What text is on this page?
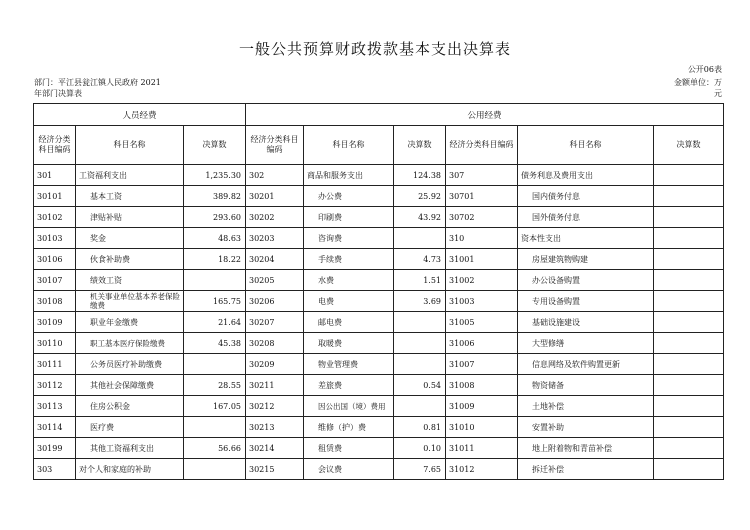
一般公共预算财政拨款基本支出决算表
公开06表
部门：平江县瓮江镇人民政府 2021
年部门决算表
金额单位：万
元
人员经费			公用经费					
经济分类科目编码	科目名称	决算数	经济分类科目编码	科目名称	决算数	经济分类科目编码	科目名称	决算数
301	工资福利支出	1,235.30	302	商品和服务支出	124.38	307	债务利息及费用支出	
30101	基本工资	389.82	30201	办公费	25.92	30701	国内债务付息	
30102	津贴补贴	293.60	30202	印刷费	43.92	30702	国外债务付息	
30103	奖金	48.63	30203	咨询费		310	资本性支出	
30106	伙食补助费	18.22	30204	手续费	4.73	31001	房屋建筑物购建	
30107	绩效工资		30205	水费	1.51	31002	办公设备购置	
30108	机关事业单位基本养老保险缴费	165.75	30206	电费	3.69	31003	专用设备购置	
30109	职业年金缴费	21.64	30207	邮电费		31005	基础设施建设	
30110	职工基本医疗保险缴费	45.38	30208	取暖费		31006	大型修缮	
30111	公务员医疗补助缴费		30209	物业管理费		31007	信息网络及软件购置更新	
30112	其他社会保障缴费	28.55	30211	差旅费	0.54	31008	物资储备	
30113	住房公积金	167.05	30212	因公出国（境）费用		31009	土地补偿	
30114	医疗费		30213	维修（护）费	0.81	31010	安置补助	
30199	其他工资福利支出	56.66	30214	租赁费	0.10	31011	地上附着物和青苗补偿	
303	对个人和家庭的补助		30215	会议费	7.65	31012	拆迁补偿	
